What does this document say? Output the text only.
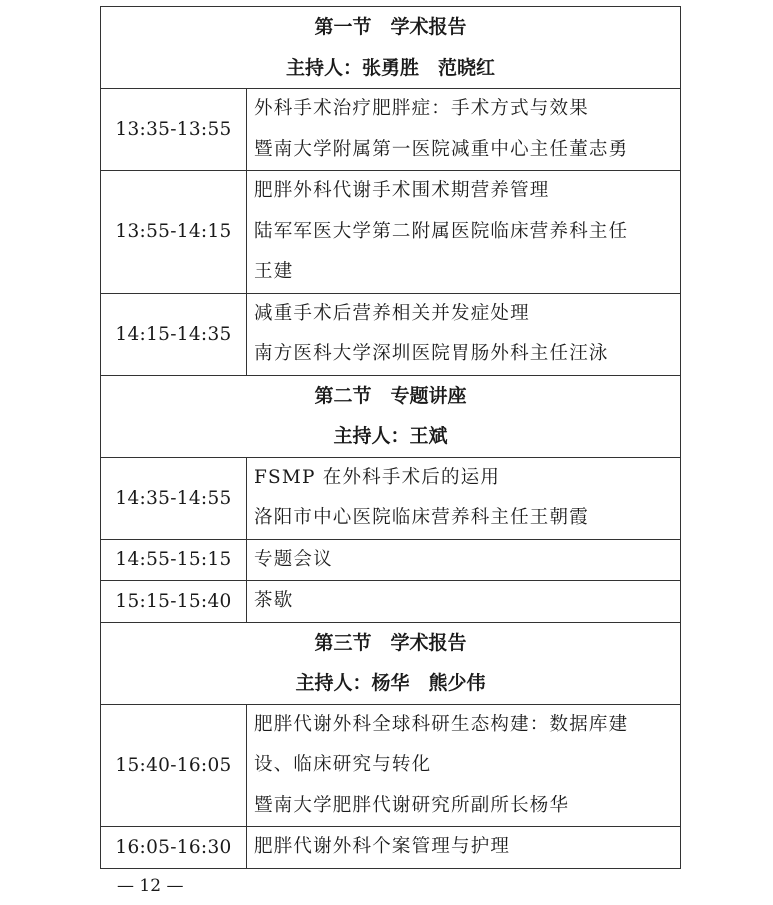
第一节　学术报告
主持人：张勇胜　范晓红	

13:35-13:55	外科手术治疗肥胖症：手术方式与效果
暨南大学附属第一医院减重中心主任董志勇

13:55-14:15	肥胖外科代谢手术围术期营养管理
陆军军医大学第二附属医院临床营养科主任
王建

14:15-14:35	减重手术后营养相关并发症处理
南方医科大学深圳医院胃肠外科主任汪泳

第二节　专题讲座
主持人：王斌	

14:35-14:55	FSMP 在外科手术后的运用
洛阳市中心医院临床营养科主任王朝霞

14:55-15:15	专题会议

15:15-15:40	茶歇

第三节　学术报告
主持人：杨华　熊少伟	

15:40-16:05	肥胖代谢外科全球科研生态构建：数据库建
设、临床研究与转化
暨南大学肥胖代谢研究所副所长杨华

16:05-16:30	肥胖代谢外科个案管理与护理
— 12 —
